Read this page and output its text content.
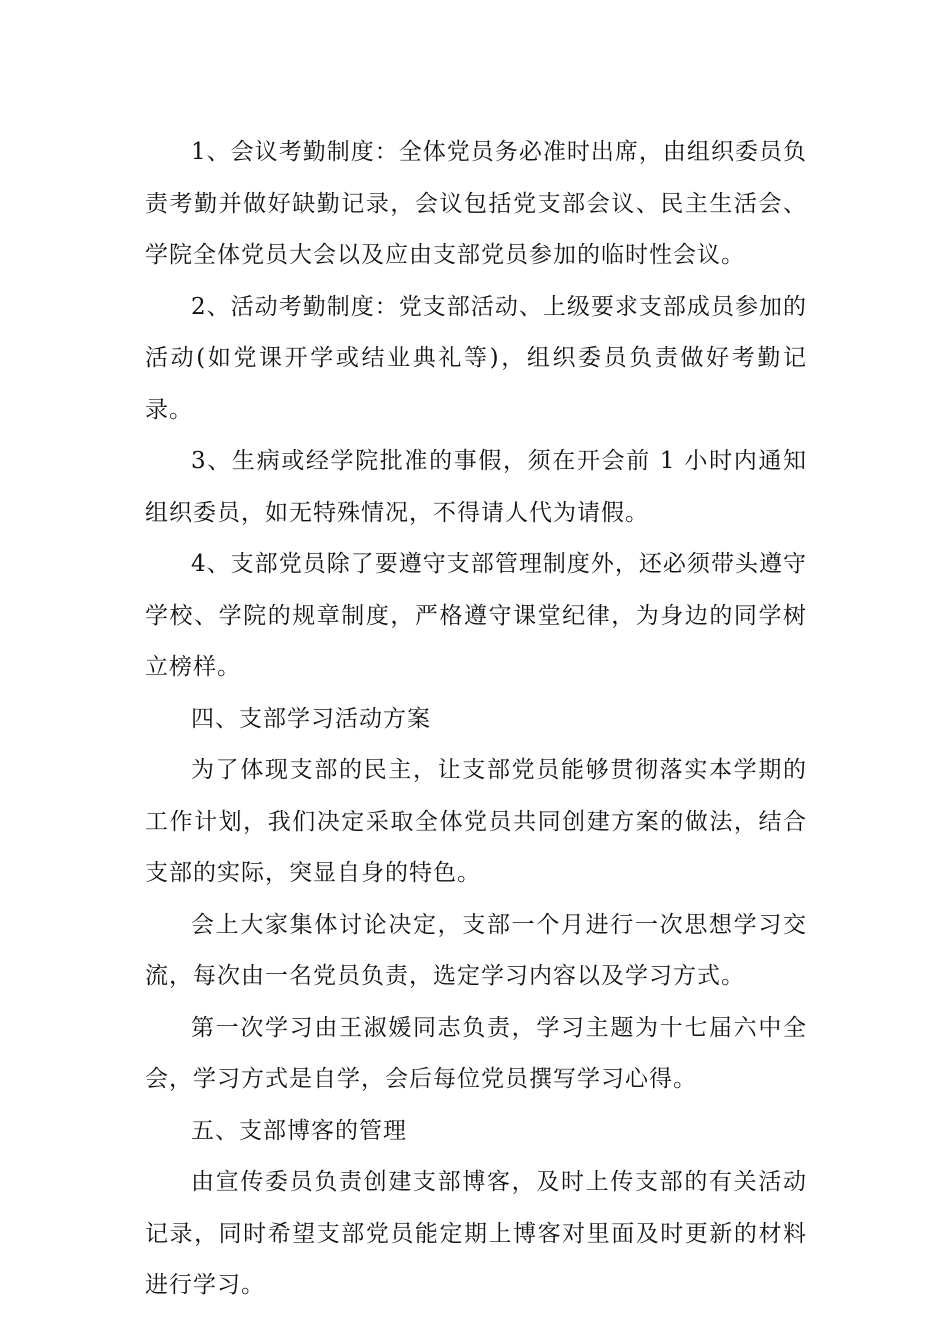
1、会议考勤制度：全体党员务必准时出席，由组织委员负责考勤并做好缺勤记录，会议包括党支部会议、民主生活会、学院全体党员大会以及应由支部党员参加的临时性会议。

2、活动考勤制度：党支部活动、上级要求支部成员参加的活动(如党课开学或结业典礼等)，组织委员负责做好考勤记录。

3、生病或经学院批准的事假，须在开会前 1 小时内通知组织委员，如无特殊情况，不得请人代为请假。

4、支部党员除了要遵守支部管理制度外，还必须带头遵守学校、学院的规章制度，严格遵守课堂纪律，为身边的同学树立榜样。

四、支部学习活动方案

为了体现支部的民主，让支部党员能够贯彻落实本学期的工作计划，我们决定采取全体党员共同创建方案的做法，结合支部的实际，突显自身的特色。

会上大家集体讨论决定，支部一个月进行一次思想学习交流，每次由一名党员负责，选定学习内容以及学习方式。

第一次学习由王淑媛同志负责，学习主题为十七届六中全会，学习方式是自学，会后每位党员撰写学习心得。

五、支部博客的管理

由宣传委员负责创建支部博客，及时上传支部的有关活动记录，同时希望支部党员能定期上博客对里面及时更新的材料进行学习。
